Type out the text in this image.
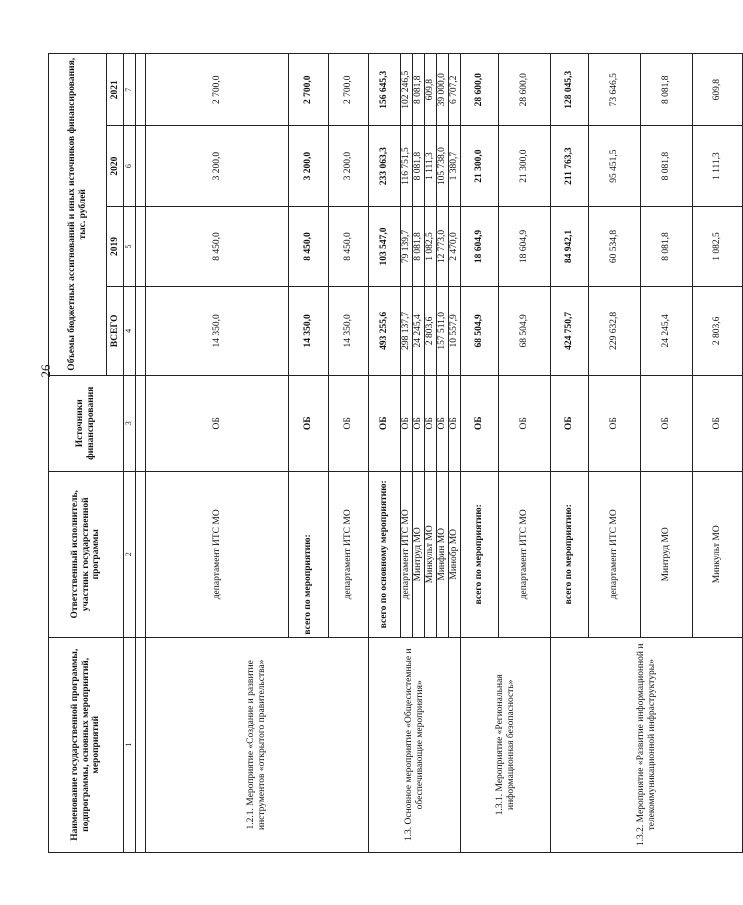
26
Наименование государственной программы, подпрограммы, основных мероприятий, мероприятий	Ответственный исполнитель, участник государственной программы	Источники финансирования	Объемы бюджетных ассигнований и иных источников финансирования, тыс. рублей			
			ВСЕГО	2019	2020	2021
1	2	3	4	5	6	7

1.2.1. Мероприятие «Создание и развитие инструментов «открытого правительства»	департамент ИТС МО	ОБ	14 350,0	8 450,0	3 200,0	2 700,0
	всего по мероприятию:	ОБ	14 350,0	8 450,0	3 200,0	2 700,0
	департамент ИТС МО	ОБ	14 350,0	8 450,0	3 200,0	2 700,0
1.3. Основное мероприятие «Общесистемные и обеспечивающие мероприятия»	всего по основному мероприятию:	ОБ	493 255,6	103 547,0	233 063,3	156 645,3
	департамент ИТС МО	ОБ	298 137,7	79 139,7	116 751,5	102 246,5
	Минтруд МО	ОБ	24 245,4	8 081,8	8 081,8	8 081,8
	Минкульт МО	ОБ	2 803,6	1 082,5	1 111,3	609,8
	Минфин МО	ОБ	157 511,0	12 773,0	105 738,0	39 000,0
	Минобр МО	ОБ	10 557,9	2 470,0	1 380,7	6 707,2
1.3.1. Мероприятие «Региональная информационная безопасность»	всего по мероприятию:	ОБ	68 504,9	18 604,9	21 300,0	28 600,0
	департамент ИТС МО	ОБ	68 504,9	18 604,9	21 300,0	28 600,0
1.3.2. Мероприятие «Развитие информационной и телекоммуникационной инфраструктуры»	всего по мероприятию:	ОБ	424 750,7	84 942,1	211 763,3	128 045,3
	департамент ИТС МО	ОБ	229 632,8	60 534,8	95 451,5	73 646,5
	Минтруд МО	ОБ	24 245,4	8 081,8	8 081,8	8 081,8
	Минкульт МО	ОБ	2 803,6	1 082,5	1 111,3	609,8
